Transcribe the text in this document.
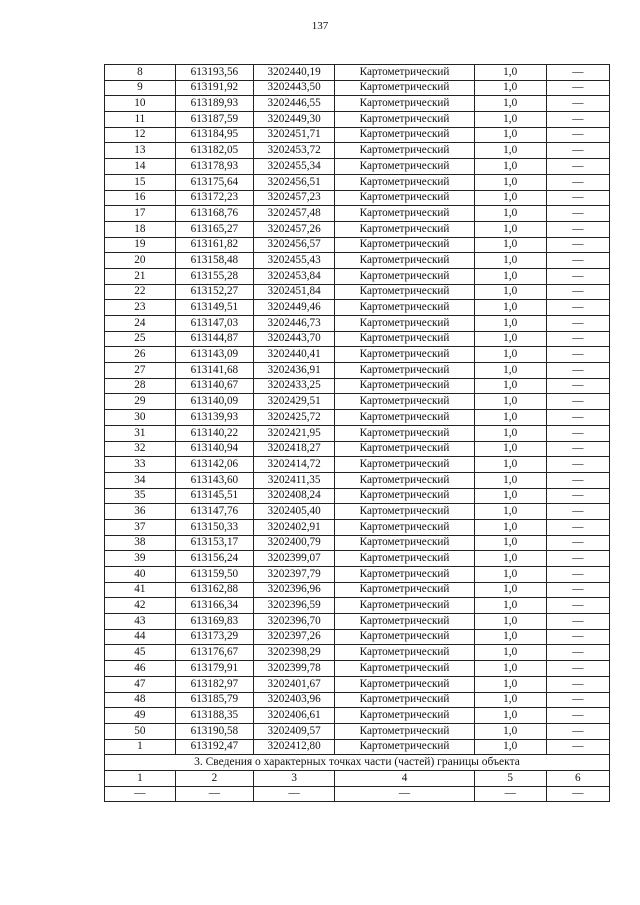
137
8	613193,56	3202440,19	Картометрический	1,0	—
9	613191,92	3202443,50	Картометрический	1,0	—
10	613189,93	3202446,55	Картометрический	1,0	—
11	613187,59	3202449,30	Картометрический	1,0	—
12	613184,95	3202451,71	Картометрический	1,0	—
13	613182,05	3202453,72	Картометрический	1,0	—
14	613178,93	3202455,34	Картометрический	1,0	—
15	613175,64	3202456,51	Картометрический	1,0	—
16	613172,23	3202457,23	Картометрический	1,0	—
17	613168,76	3202457,48	Картометрический	1,0	—
18	613165,27	3202457,26	Картометрический	1,0	—
19	613161,82	3202456,57	Картометрический	1,0	—
20	613158,48	3202455,43	Картометрический	1,0	—
21	613155,28	3202453,84	Картометрический	1,0	—
22	613152,27	3202451,84	Картометрический	1,0	—
23	613149,51	3202449,46	Картометрический	1,0	—
24	613147,03	3202446,73	Картометрический	1,0	—
25	613144,87	3202443,70	Картометрический	1,0	—
26	613143,09	3202440,41	Картометрический	1,0	—
27	613141,68	3202436,91	Картометрический	1,0	—
28	613140,67	3202433,25	Картометрический	1,0	—
29	613140,09	3202429,51	Картометрический	1,0	—
30	613139,93	3202425,72	Картометрический	1,0	—
31	613140,22	3202421,95	Картометрический	1,0	—
32	613140,94	3202418,27	Картометрический	1,0	—
33	613142,06	3202414,72	Картометрический	1,0	—
34	613143,60	3202411,35	Картометрический	1,0	—
35	613145,51	3202408,24	Картометрический	1,0	—
36	613147,76	3202405,40	Картометрический	1,0	—
37	613150,33	3202402,91	Картометрический	1,0	—
38	613153,17	3202400,79	Картометрический	1,0	—
39	613156,24	3202399,07	Картометрический	1,0	—
40	613159,50	3202397,79	Картометрический	1,0	—
41	613162,88	3202396,96	Картометрический	1,0	—
42	613166,34	3202396,59	Картометрический	1,0	—
43	613169,83	3202396,70	Картометрический	1,0	—
44	613173,29	3202397,26	Картометрический	1,0	—
45	613176,67	3202398,29	Картометрический	1,0	—
46	613179,91	3202399,78	Картометрический	1,0	—
47	613182,97	3202401,67	Картометрический	1,0	—
48	613185,79	3202403,96	Картометрический	1,0	—
49	613188,35	3202406,61	Картометрический	1,0	—
50	613190,58	3202409,57	Картометрический	1,0	—
1	613192,47	3202412,80	Картометрический	1,0	—
3. Сведения о характерных точках части (частей) границы объекта					
1	2	3	4	5	6
—	—	—	—	—	—
